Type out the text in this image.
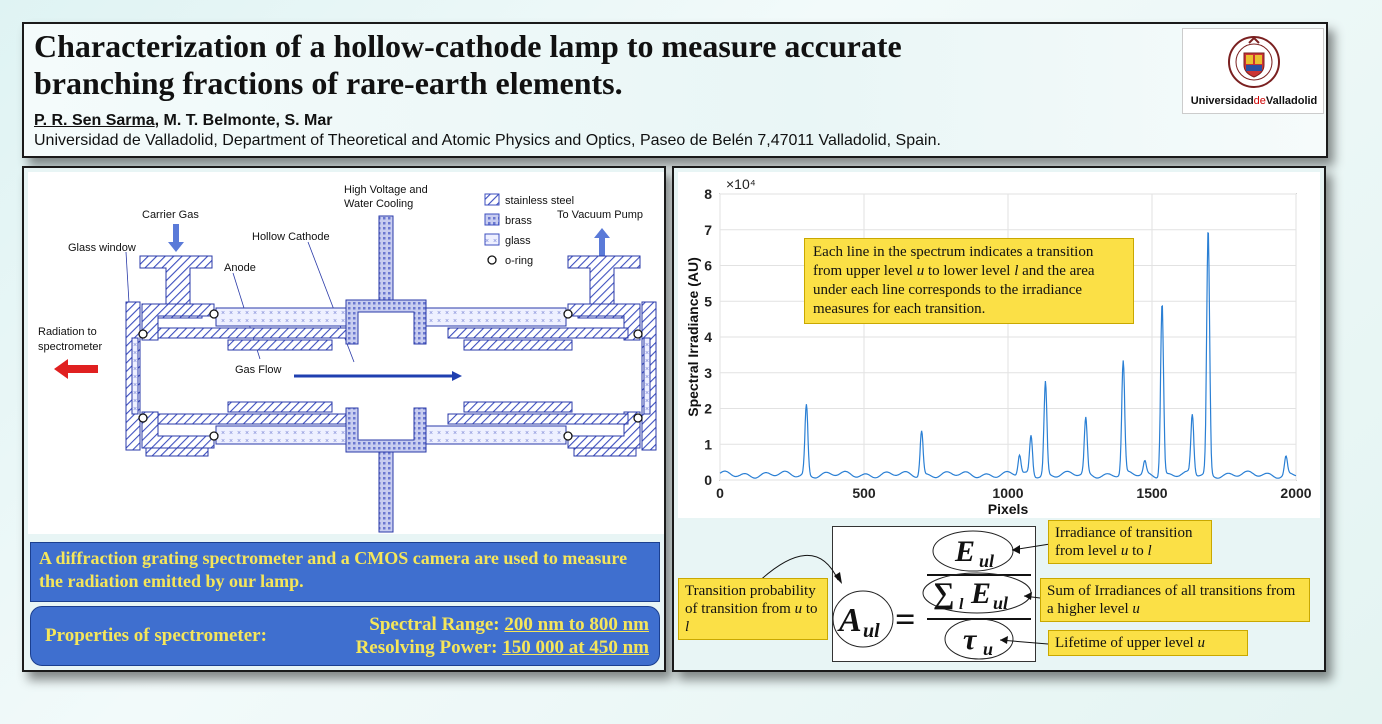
Characterization of a hollow-cathode lamp to measure accurate
branching fractions of rare-earth elements.
P. R. Sen Sarma, M. T. Belmonte, S. Mar
Universidad de Valladolid, Department of Theoretical and Atomic Physics and Optics, Paseo de Belén 7,47011 Valladolid, Spain.
UniversidaddeValladolid
stainless steel
brass
glass
o-ring
High Voltage and
Water Cooling
Carrier Gas	To Vacuum Pump
Hollow Cathode
Glass window
Anode
Radiation to
spectrometer
Gas Flow
A diffraction grating spectrometer and a CMOS camera are used to measure the radiation emitted by our lamp.
Properties of spectrometer:
Spectral Range: 200 nm to 800 nm
Resolving Power: 150 000 at 450 nm
0
1
2
3
4
5
6
7
8
0	500	1000	1500	2000
×10⁴
Pixels
Spectral Irradiance (AU)
Each line in the spectrum indicates a transition from upper level u to lower level l and the area under each line corresponds to the irradiance measures for each transition.
A ul =
E ul
∑ l E ul
τ u
Transition probability of transition from u to l
Irradiance of transition from level u to l
Sum of Irradiances of all transitions from a higher level u
Lifetime of upper level u
